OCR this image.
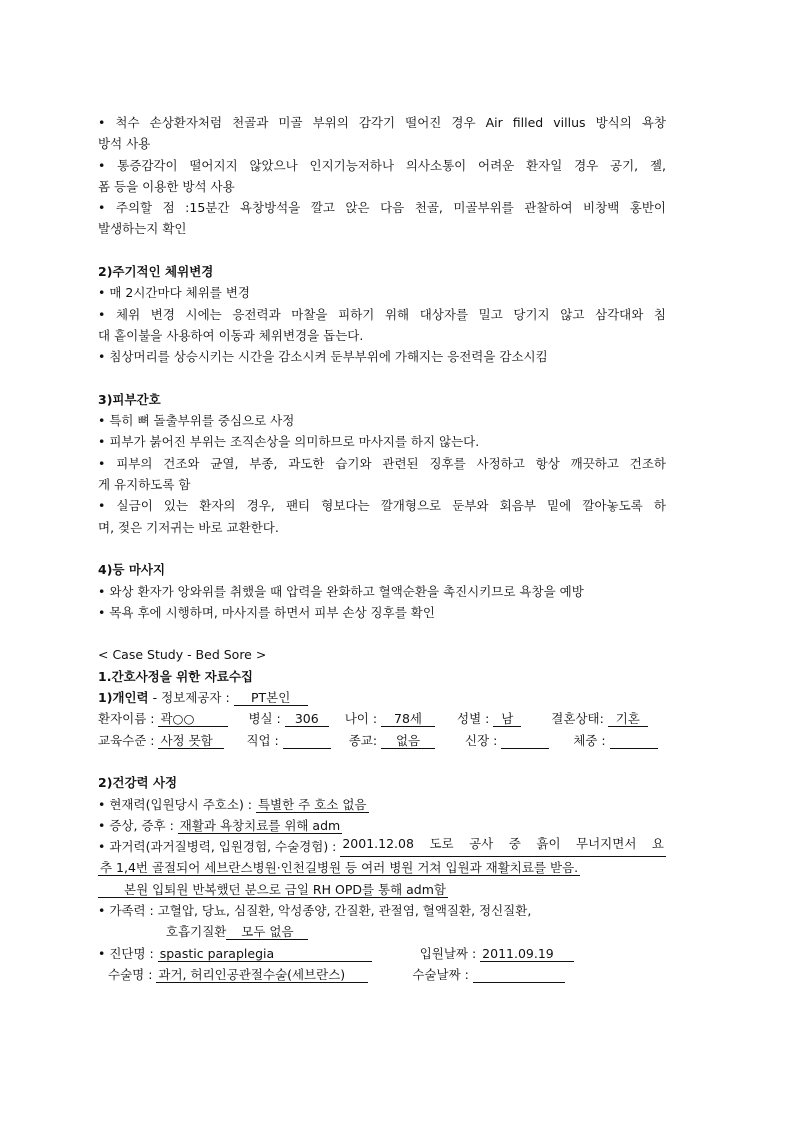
• 척수 손상환자처럼 천골과 미골 부위의 감각기 떨어진 경우 Air filled villus 방식의 욕창
방석 사용
• 통증감각이 떨어지지 않았으나 인지기능저하나 의사소통이 어려운 환자일 경우 공기, 젤,
폼 등을 이용한 방석 사용
• 주의할 점 :15분간 욕창방석을 깔고 앉은 다음 천골, 미골부위를 관찰하여 비창백 홍반이
발생하는지 확인
2)주기적인 체위변경
• 매 2시간마다 체위를 변경
• 체위 변경 시에는 응전력과 마찰을 피하기 위해 대상자를 밀고 당기지 않고 삼각대와 침
대 홑이불을 사용하여 이동과 체위변경을 돕는다.
• 침상머리를 상승시키는 시간을 감소시켜 둔부부위에 가해지는 응전력을 감소시킴
3)피부간호
• 특히 뼈 돌출부위를 중심으로 사정
• 피부가 붉어진 부위는 조직손상을 의미하므로 마사지를 하지 않는다.
• 피부의 건조와 균열, 부종, 과도한 습기와 관련된 징후를 사정하고 항상 깨끗하고 건조하
게 유지하도록 함
• 실금이 있는 환자의 경우, 팬티 형보다는 깔개형으로 둔부와 회음부 밑에 깔아놓도록 하
며, 젖은 기저귀는 바로 교환한다.
4)등 마사지
• 와상 환자가 앙와위를 취했을 때 압력을 완화하고 혈액순환을 촉진시키므로 욕창을 예방
• 목욕 후에 시행하며, 마사지를 하면서 피부 손상 징후를 확인
< Case Study - Bed Sore >
1.간호사정을 위한 자료수집
1)개인력 - 정보제공자 : PT본인
환자이름 : 곽○○	병실 : 306 나이 : 78세	성별 : 남	결혼상태: 기혼
교육수준 : 사정 못함	직업 :	종교: 없음	신장 :	체중 :
2)건강력 사정
• 현재력(입원당시 주호소) : 특별한 주 호소 없음
• 증상, 증후 : 재활과 욕창치료를 위해 adm
• 과거력(과거질병력, 입원경험, 수술경험) : 2001.12.08 도로 공사 중 흙이 무너지면서 요
추 1,4번 골절되어 세브란스병원·인천길병원 등 여러 병원 거쳐 입원과 재활치료를 받음.
본원 입퇴원 반복했던 분으로 금일 RH OPD를 통해 adm함
• 가족력 : 고혈압, 당뇨, 심질환, 악성종양, 간질환, 관절염, 혈액질환, 정신질환,
호흡기질환 모두 없음
• 진단명 : spastic paraplegia	입원날짜 : 2011.09.19
수술명 : 과거, 허리인공관절수술(세브란스)	수술날짜 :
